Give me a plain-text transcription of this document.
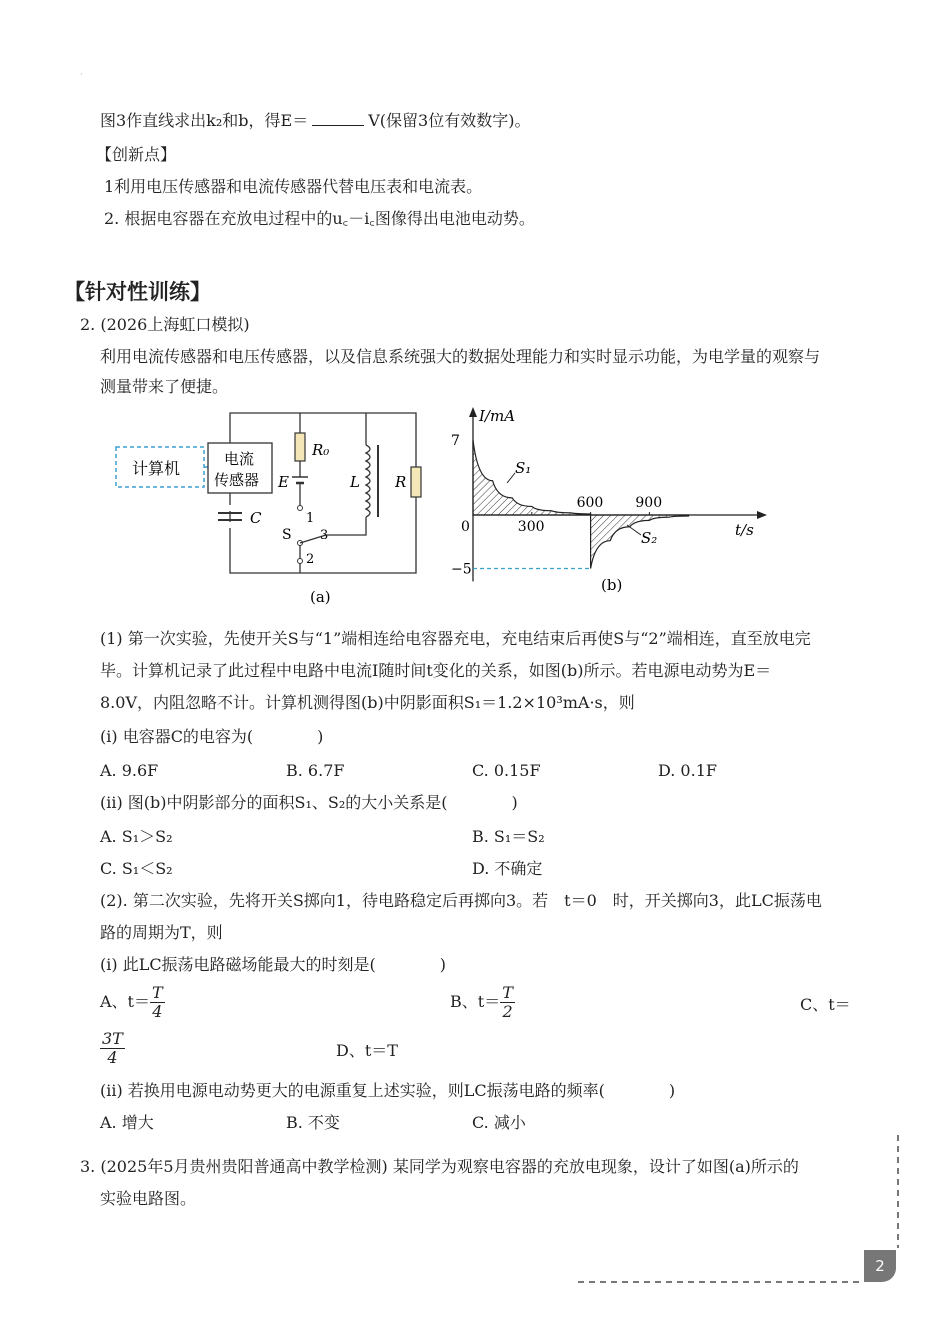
·
图3作直线求出k₂和b，得E＝	V(保留3位有效数字)。
【创新点】
1利用电压传感器和电流传感器代替电压表和电流表。
2. 根据电容器在充放电过程中的u꜀－i꜀图像得出电池电动势。
【针对性训练】
2. (2026上海虹口模拟)
利用电流传感器和电压传感器，以及信息系统强大的数据处理能力和实时显示功能，为电学量的观察与
测量带来了便捷。
计算机	电流
传感器
C
R₀
E
1
S 3
2
L R
(a)
I/mA
t/s
0	300
600 900
7
−5
S₁
S₂
(b)
(1) 第一次实验，先使开关S与“1”端相连给电容器充电，充电结束后再使S与“2”端相连，直至放电完
毕。计算机记录了此过程中电路中电流I随时间t变化的关系，如图(b)所示。若电源电动势为E＝
8.0V，内阻忽略不计。计算机测得图(b)中阴影面积S₁＝1.2×10³mA·s，则
(i) 电容器C的电容为(　　　　)
A. 9.6F	B. 6.7F	C. 0.15F	D. 0.1F
(ii) 图(b)中阴影部分的面积S₁、S₂的大小关系是(　　　　)
A. S₁＞S₂	B. S₁＝S₂
C. S₁＜S₂	D. 不确定
(2). 第二次实验，先将开关S掷向1，待电路稳定后再掷向3。若　t＝0　时，开关掷向3，此LC振荡电
路的周期为T，则
(i) 此LC振荡电路磁场能最大的时刻是(　　　　)
A、$t= \frac{T}{4}$	B、$t= \frac{T}{2}$	C、t＝
$\frac{3T}{4}$	D、t＝T
(ii) 若换用电源电动势更大的电源重复上述实验，则LC振荡电路的频率(　　　　)
A. 增大	B. 不变	C. 减小
3. (2025年5月贵州贵阳普通高中教学检测) 某同学为观察电容器的充放电现象，设计了如图(a)所示的
实验电路图。
2
